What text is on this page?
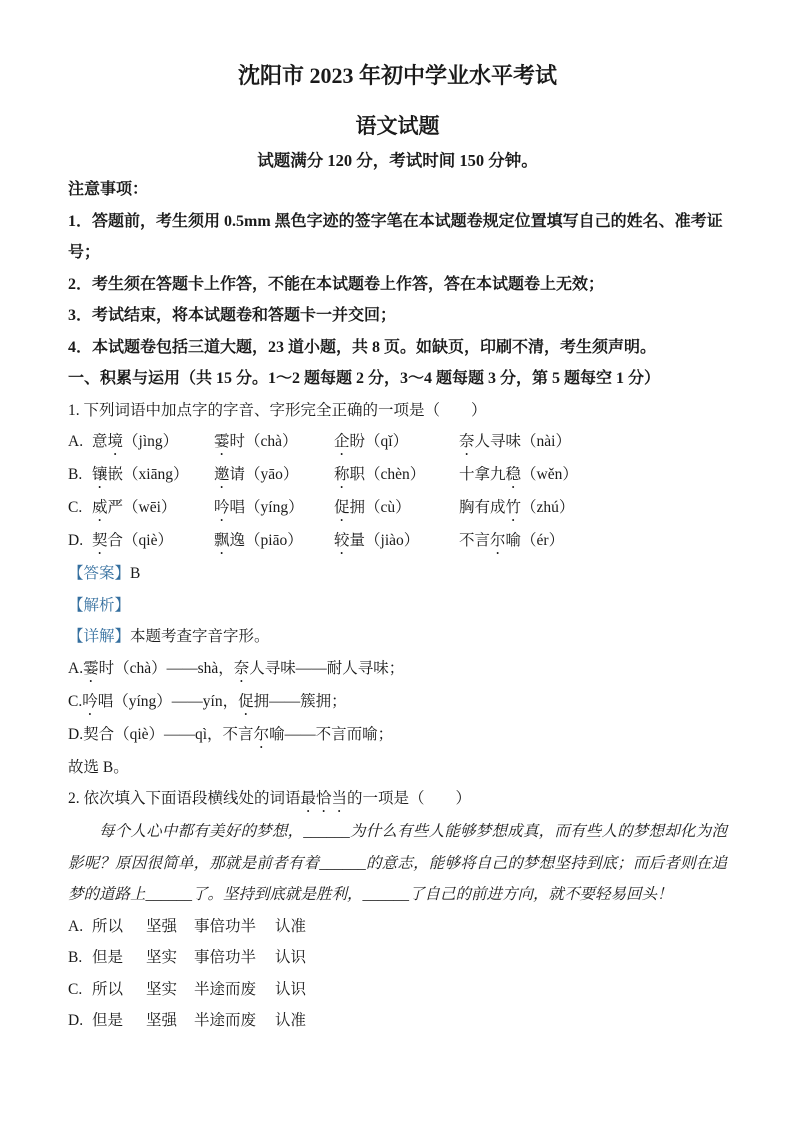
沈阳市 2023 年初中学业水平考试
语文试题

试题满分 120 分，考试时间 150 分钟。

注意事项：

1．答题前，考生须用 0.5mm 黑色字迹的签字笔在本试题卷规定位置填写自己的姓名、准考证号；

2．考生须在答题卡上作答，不能在本试题卷上作答，答在本试题卷上无效；

3．考试结束，将本试题卷和答题卡一并交回；

4．本试题卷包括三道大题，23 道小题，共 8 页。如缺页，印刷不清，考生须声明。

一、积累与运用（共 15 分。1～2 题每题 2 分，3～4 题每题 3 分，第 5 题每空 1 分）

1. 下列词语中加点字的字音、字形完全正确的一项是（　　）

A. 意境（jìng）	霎时（chà）	企盼（qǐ）	奈人寻味（nài）
B. 镶嵌（xiāng）	邀请（yāo）	称职（chèn）	十拿九稳（wěn）
C. 威严（wēi）	吟唱（yíng）	促拥（cù）	胸有成竹（zhú）
D. 契合（qiè）	飘逸（piāo）	较量（jiào）	不言尔喻（ér）

【答案】B

【解析】

【详解】本题考查字音字形。

A.霎时（chà）——shà，奈人寻味——耐人寻味；

C.吟唱（yíng）——yín，促拥——簇拥；

D.契合（qiè）——qì，不言尔喻——不言而喻；

故选 B。

2. 依次填入下面语段横线处的词语最恰当的一项是（　　）

每个人心中都有美好的梦想，______为什么有些人能够梦想成真，而有些人的梦想却化为泡影呢？原因很简单，那就是前者有着______的意志，能够将自己的梦想坚持到底；而后者则在追梦的道路上______了。坚持到底就是胜利，______了自己的前进方向，就不要轻易回头！

A. 所以	坚强	事倍功半	认准
B. 但是	坚实	事倍功半	认识
C. 所以	坚实	半途而废	认识
D. 但是	坚强	半途而废	认准
